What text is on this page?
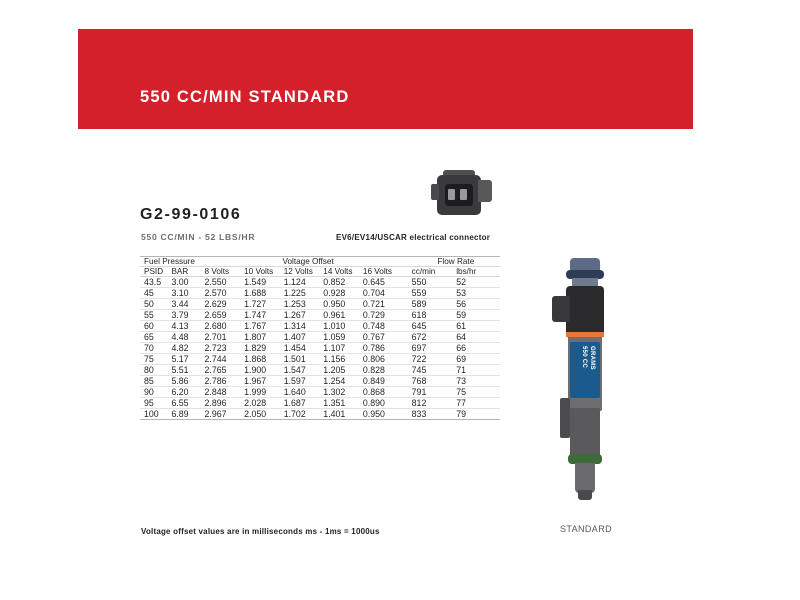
550 CC/MIN STANDARD
G2-99-0106
550 CC/MIN - 52 LBS/HR	EV6/EV14/USCAR electrical connector
Fuel Pressure		Voltage Offset					Flow Rate	
PSID	BAR	8 Volts	10 Volts	12 Volts	14 Volts	16 Volts	cc/min	lbs/hr
43.5	3.00	2.550	1.549	1.124	0.852	0.645	550	52
45	3.10	2.570	1.688	1.225	0.928	0.704	559	53
50	3.44	2.629	1.727	1.253	0.950	0.721	589	56
55	3.79	2.659	1.747	1.267	0.961	0.729	618	59
60	4.13	2.680	1.767	1.314	1.010	0.748	645	61
65	4.48	2.701	1.807	1.407	1.059	0.767	672	64
70	4.82	2.723	1.829	1.454	1.107	0.786	697	66
75	5.17	2.744	1.868	1.501	1.156	0.806	722	69
80	5.51	2.765	1.900	1.547	1.205	0.828	745	71
85	5.86	2.786	1.967	1.597	1.254	0.849	768	73
90	6.20	2.848	1.999	1.640	1.302	0.868	791	75
95	6.55	2.896	2.028	1.687	1.351	0.890	812	77
100	6.89	2.967	2.050	1.702	1.401	0.950	833	79
Voltage offset values are in milliseconds ms - 1ms = 1000us
GRAMS
550 CC
STANDARD
